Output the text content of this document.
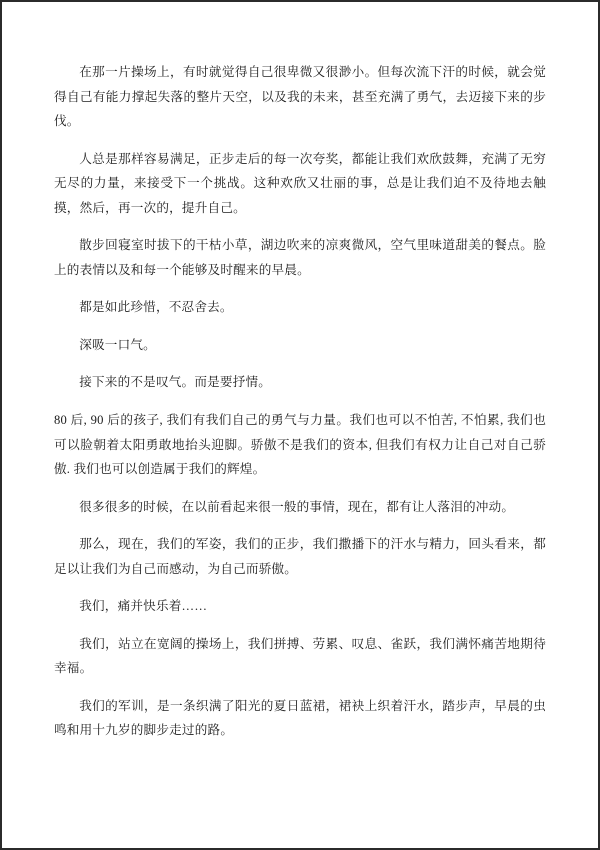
在那一片操场上，有时就觉得自己很卑微又很渺小。但每次流下汗的时候，就会觉得自己有能力撑起失落的整片天空，以及我的未来，甚至充满了勇气，去迈接下来的步伐。

人总是那样容易满足，正步走后的每一次夸奖，都能让我们欢欣鼓舞，充满了无穷无尽的力量，来接受下一个挑战。这种欢欣又壮丽的事，总是让我们迫不及待地去触摸，然后，再一次的，提升自己。

散步回寝室时拔下的干枯小草，湖边吹来的凉爽微风，空气里味道甜美的餐点。脸上的表情以及和每一个能够及时醒来的早晨。

都是如此珍惜，不忍舍去。

深吸一口气。

接下来的不是叹气。而是要抒情。

80 后, 90 后的孩子, 我们有我们自己的勇气与力量。我们也可以不怕苦, 不怕累, 我们也可以脸朝着太阳勇敢地抬头迎脚。骄傲不是我们的资本, 但我们有权力让自己对自己骄傲. 我们也可以创造属于我们的辉煌。

很多很多的时候，在以前看起来很一般的事情，现在，都有让人落泪的冲动。

那么，现在，我们的军姿，我们的正步，我们撒播下的汗水与精力，回头看来，都足以让我们为自己而感动，为自己而骄傲。

我们，痛并快乐着……

我们，站立在宽阔的操场上，我们拼搏、劳累、叹息、雀跃，我们满怀痛苦地期待幸福。

我们的军训，是一条织满了阳光的夏日蓝裙，裙袂上织着汗水，踏步声，早晨的虫鸣和用十九岁的脚步走过的路。
